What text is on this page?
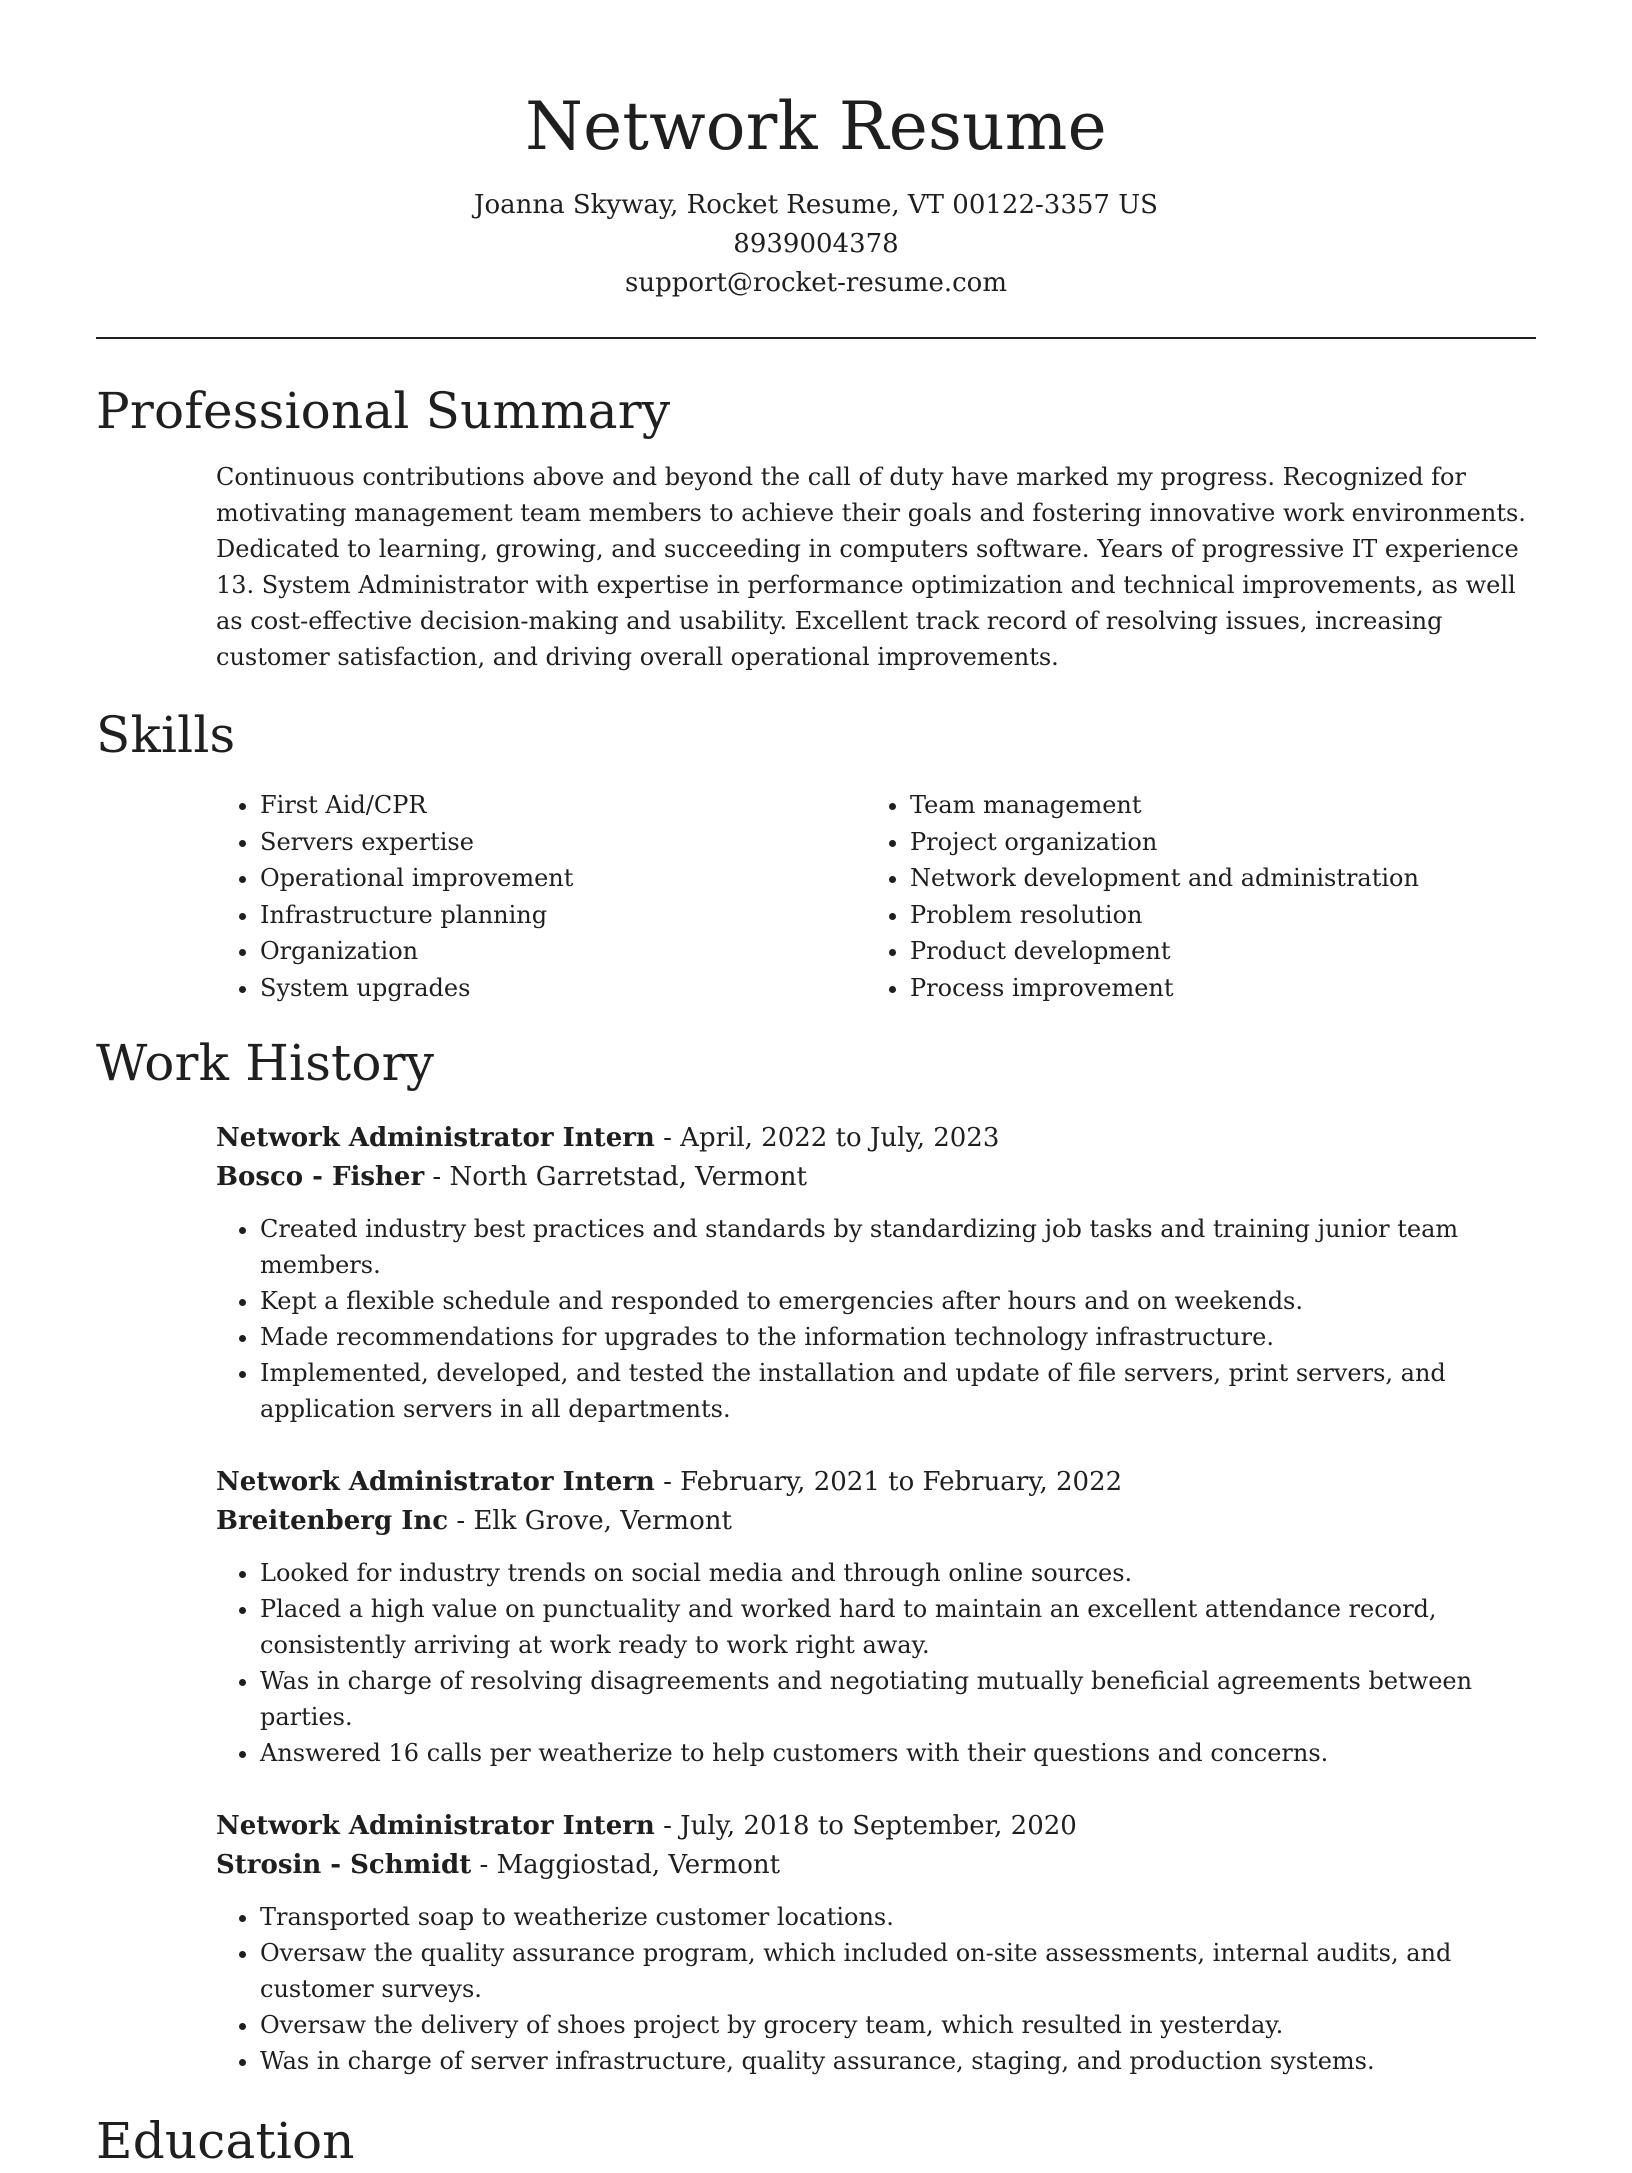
Network Resume
Joanna Skyway, Rocket Resume, VT 00122-3357 US
8939004378
support@rocket-resume.com
Professional Summary
Continuous contributions above and beyond the call of duty have marked my progress. Recognized for motivating management team members to achieve their goals and fostering innovative work environments. Dedicated to learning, growing, and succeeding in computers software. Years of progressive IT experience 13. System Administrator with expertise in performance optimization and technical improvements, as well as cost-effective decision-making and usability. Excellent track record of resolving issues, increasing customer satisfaction, and driving overall operational improvements.
Skills
• First Aid/CPR
• Servers expertise
• Operational improvement
• Infrastructure planning
• Organization
• System upgrades
• Team management
• Project organization
• Network development and administration
• Problem resolution
• Product development
• Process improvement
Work History
Network Administrator Intern - April, 2022 to July, 2023
Bosco - Fisher - North Garretstad, Vermont
• Created industry best practices and standards by standardizing job tasks and training junior team members.
• Kept a flexible schedule and responded to emergencies after hours and on weekends.
• Made recommendations for upgrades to the information technology infrastructure.
• Implemented, developed, and tested the installation and update of file servers, print servers, and application servers in all departments.
Network Administrator Intern - February, 2021 to February, 2022
Breitenberg Inc - Elk Grove, Vermont
• Looked for industry trends on social media and through online sources.
• Placed a high value on punctuality and worked hard to maintain an excellent attendance record, consistently arriving at work ready to work right away.
• Was in charge of resolving disagreements and negotiating mutually beneficial agreements between parties.
• Answered 16 calls per weatherize to help customers with their questions and concerns.
Network Administrator Intern - July, 2018 to September, 2020
Strosin - Schmidt - Maggiostad, Vermont
• Transported soap to weatherize customer locations.
• Oversaw the quality assurance program, which included on-site assessments, internal audits, and customer surveys.
• Oversaw the delivery of shoes project by grocery team, which resulted in yesterday.
• Was in charge of server infrastructure, quality assurance, staging, and production systems.
Education
